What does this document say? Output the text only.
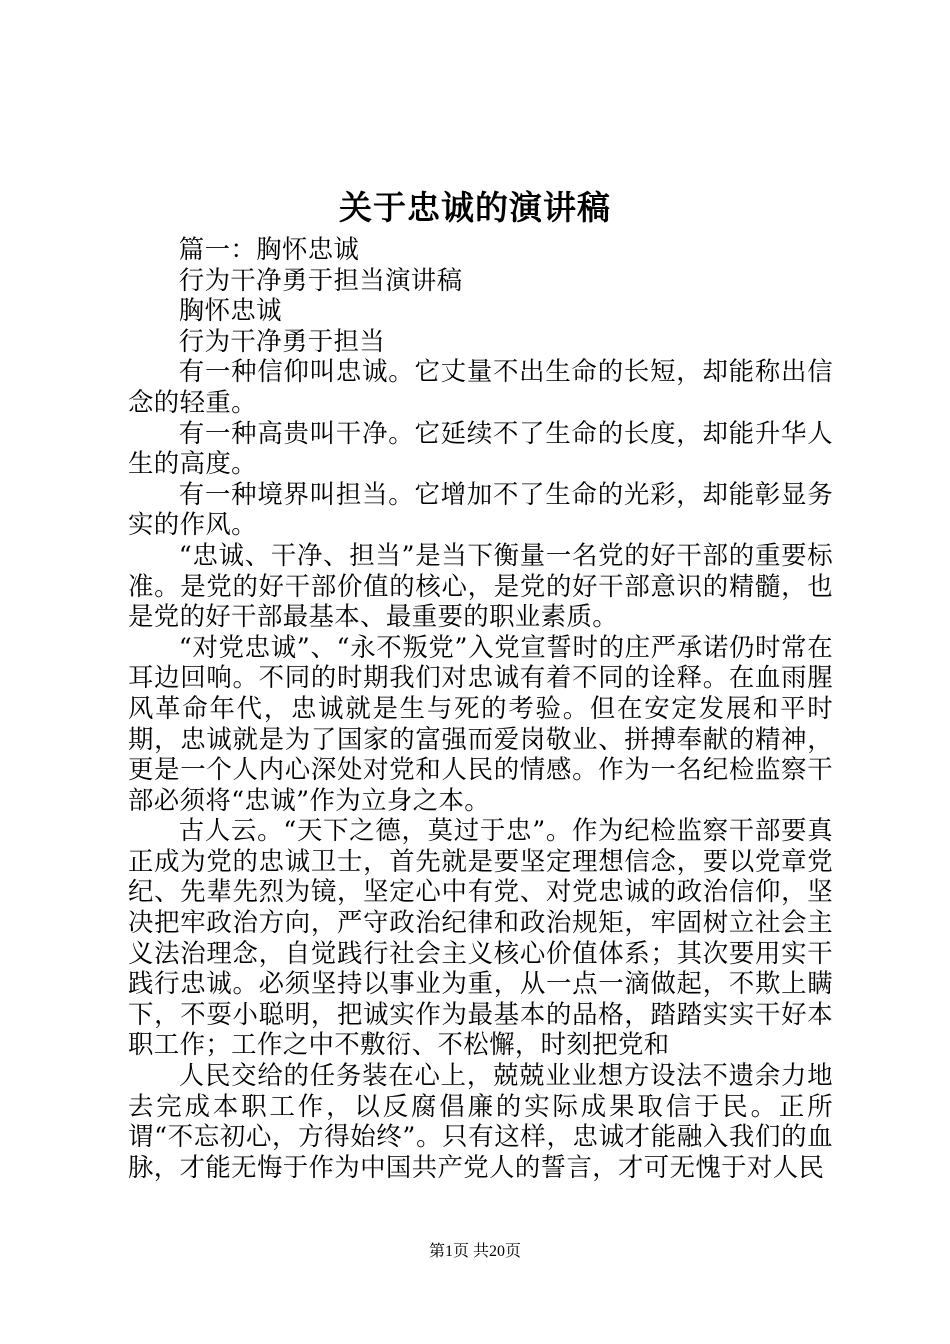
关于忠诚的演讲稿

篇一：胸怀忠诚

行为干净勇于担当演讲稿

胸怀忠诚

行为干净勇于担当

有一种信仰叫忠诚。它丈量不出生命的长短，却能称出信念的轻重。

有一种高贵叫干净。它延续不了生命的长度，却能升华人生的高度。

有一种境界叫担当。它增加不了生命的光彩，却能彰显务实的作风。

“忠诚、干净、担当”是当下衡量一名党的好干部的重要标准。是党的好干部价值的核心，是党的好干部意识的精髓，也是党的好干部最基本、最重要的职业素质。

“对党忠诚”、“永不叛党”入党宣誓时的庄严承诺仍时常在耳边回响。不同的时期我们对忠诚有着不同的诠释。在血雨腥风革命年代，忠诚就是生与死的考验。但在安定发展和平时期，忠诚就是为了国家的富强而爱岗敬业、拼搏奉献的精神，更是一个人内心深处对党和人民的情感。作为一名纪检监察干部必须将“忠诚”作为立身之本。

古人云。“天下之德，莫过于忠”。作为纪检监察干部要真正成为党的忠诚卫士，首先就是要坚定理想信念，要以党章党纪、先辈先烈为镜，坚定心中有党、对党忠诚的政治信仰，坚决把牢政治方向，严守政治纪律和政治规矩，牢固树立社会主义法治理念，自觉践行社会主义核心价值体系；其次要用实干践行忠诚。必须坚持以事业为重，从一点一滴做起，不欺上瞒下，不耍小聪明，把诚实作为最基本的品格，踏踏实实干好本职工作；工作之中不敷衍、不松懈，时刻把党和

人民交给的任务装在心上，兢兢业业想方设法不遗余力地去完成本职工作，以反腐倡廉的实际成果取信于民。正所谓“不忘初心，方得始终”。只有这样，忠诚才能融入我们的血脉，才能无悔于作为中国共产党人的誓言，才可无愧于对人民

第1页 共20页
